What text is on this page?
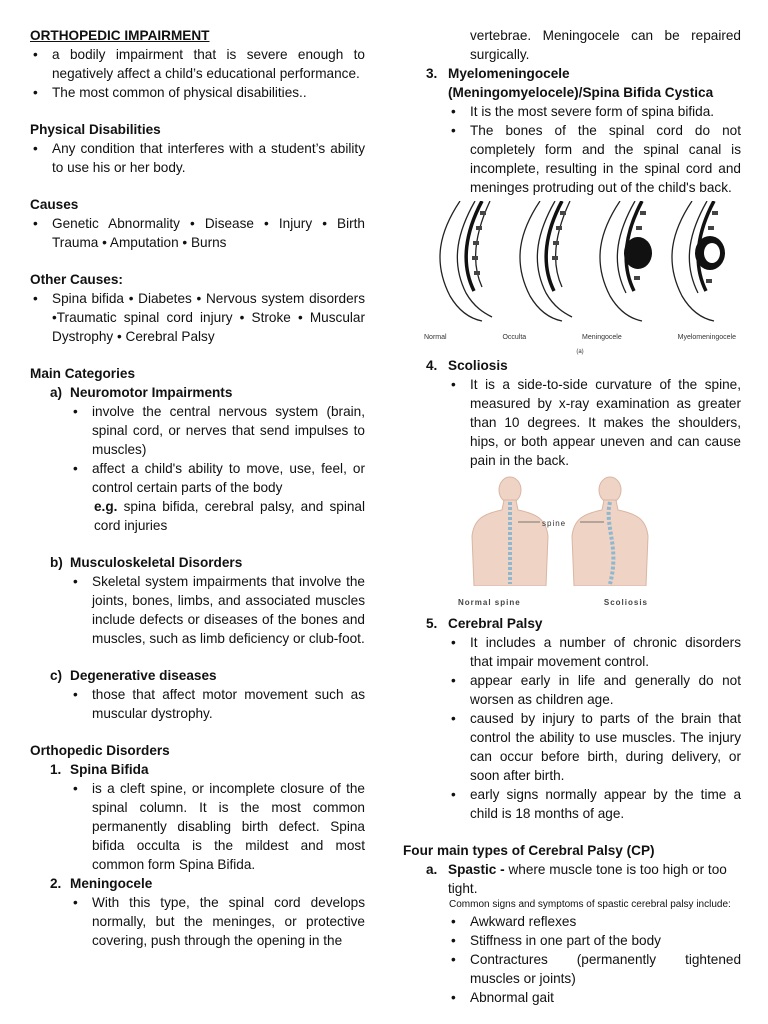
ORTHOPEDIC IMPAIRMENT
• a bodily impairment that is severe enough to negatively affect a child’s educational performance.
• The most common of physical disabilities..
Physical Disabilities
• Any condition that interferes with a student’s ability to use his or her body.
Causes
• Genetic Abnormality • Disease • Injury • Birth Trauma • Amputation • Burns
Other Causes:
• Spina bifida • Diabetes • Nervous system disorders •Traumatic spinal cord injury • Stroke • Muscular Dystrophy • Cerebral Palsy
Main Categories
a) Neuromotor Impairments
• involve the central nervous system (brain, spinal cord, or nerves that send impulses to muscles)
• affect a child's ability to move, use, feel, or control certain parts of the body
e.g. spina bifida, cerebral palsy, and spinal cord injuries
b) Musculoskeletal Disorders
• Skeletal system impairments that involve the joints, bones, limbs, and associated muscles include defects or diseases of the bones and muscles, such as limb deficiency or club-foot.
c) Degenerative diseases
• those that affect motor movement such as muscular dystrophy.
Orthopedic Disorders
1. Spina Bifida
• is a cleft spine, or incomplete closure of the spinal column. It is the most common permanently disabling birth defect. Spina bifida occulta is the mildest and most common form Spina Bifida.
2. Meningocele
• With this type, the spinal cord develops normally, but the meninges, or protective covering, push through the opening in the
vertebrae. Meningocele can be repaired surgically.
3. Myelomeningocele
(Meningomyelocele)/Spina Bifida Cystica
• It is the most severe form of spina bifida.
• The bones of the spinal cord do not completely form and the spinal canal is incomplete, resulting in the spinal cord and meninges protruding out of the child's back.
Normal	Occulta	Meningocele	Myelomeningocele
(a)
4. Scoliosis
• It is a side-to-side curvature of the spine, measured by x-ray examination as greater than 10 degrees. It makes the shoulders, hips, or both appear uneven and can cause pain in the back.
spine
Normal spine	Scoliosis
5. Cerebral Palsy
• It includes a number of chronic disorders that impair movement control.
• appear early in life and generally do not worsen as children age.
• caused by injury to parts of the brain that control the ability to use muscles. The injury can occur before birth, during delivery, or soon after birth.
• early signs normally appear by the time a child is 18 months of age.
Four main types of Cerebral Palsy (CP)
a. Spastic - where muscle tone is too high or too tight.
Common signs and symptoms of spastic cerebral palsy include:
• Awkward reflexes
• Stiffness in one part of the body
• Contractures (permanently tightened muscles or joints)
• Abnormal gait
